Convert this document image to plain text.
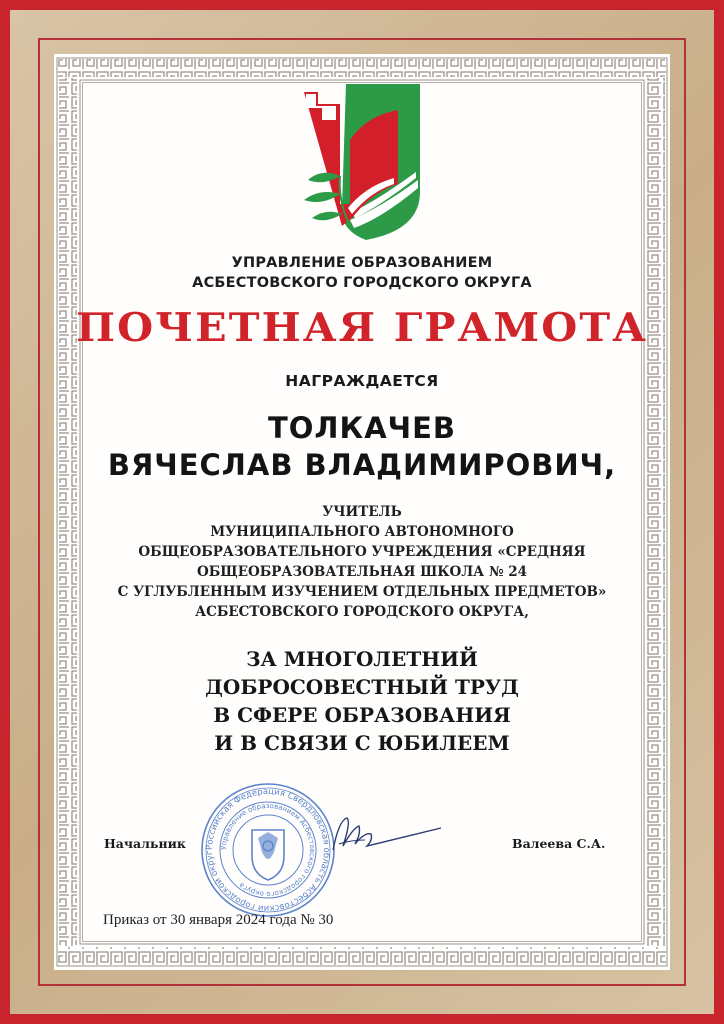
УПРАВЛЕНИЕ ОБРАЗОВАНИЕМ
АСБЕСТОВСКОГО ГОРОДСКОГО ОКРУГА
ПОЧЕТНАЯ ГРАМОТА
НАГРАЖДАЕТСЯ
ТОЛКАЧЕВ
ВЯЧЕСЛАВ ВЛАДИМИРОВИЧ,
УЧИТЕЛЬ
МУНИЦИПАЛЬНОГО АВТОНОМНОГО
ОБЩЕОБРАЗОВАТЕЛЬНОГО УЧРЕЖДЕНИЯ «СРЕДНЯЯ
ОБЩЕОБРАЗОВАТЕЛЬНАЯ ШКОЛА № 24
С УГЛУБЛЕННЫМ ИЗУЧЕНИЕМ ОТДЕЛЬНЫХ ПРЕДМЕТОВ»
АСБЕСТОВСКОГО ГОРОДСКОГО ОКРУГА,
ЗА МНОГОЛЕТНИЙ
ДОБРОСОВЕСТНЫЙ ТРУД
В СФЕРЕ ОБРАЗОВАНИЯ
И В СВЯЗИ С ЮБИЛЕЕМ
Российская Федерация Свердловская область Асбестовский городской округ
Управление образованием Асбестовского городского округа
Начальник	Валеева С.А.
Приказ от 30 января 2024 года № 30
